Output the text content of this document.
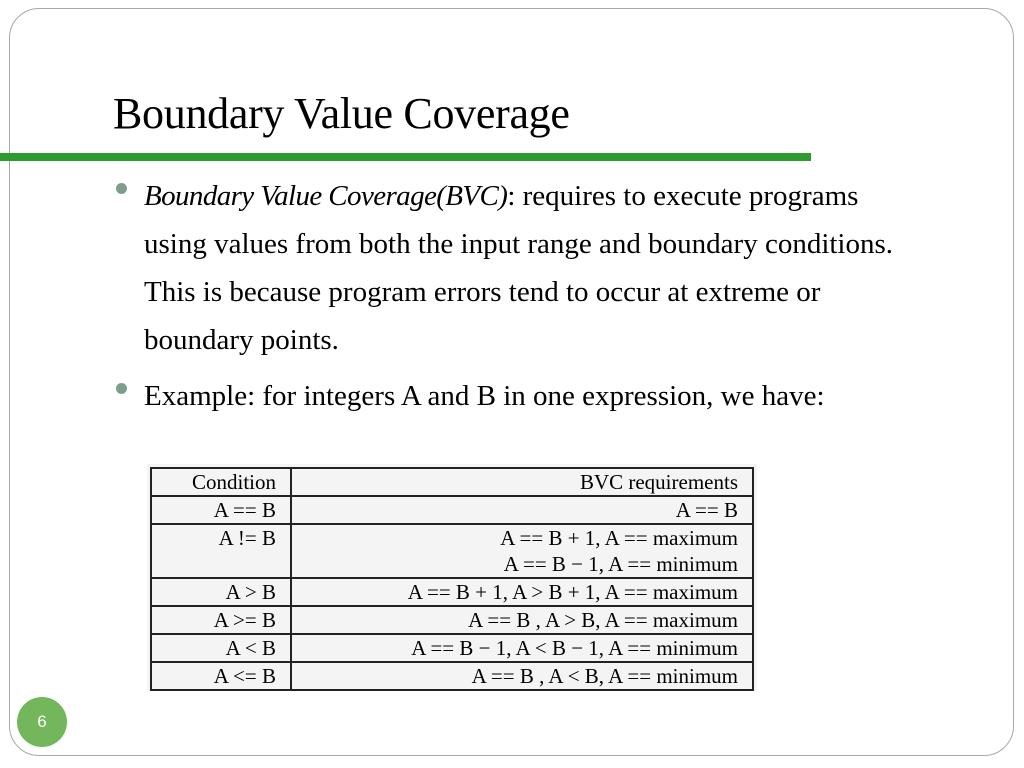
Boundary Value Coverage
Boundary Value Coverage(BVC): requires to execute programs using values from both the input range and boundary conditions. This is because program errors tend to occur at extreme or boundary points.
Example: for integers A and B in one expression, we have:
Condition	BVC requirements
A == B	A == B

A != B	A == B + 1, A == maximum
A == B − 1, A == minimum

A > B	A == B + 1, A > B + 1, A == maximum

A >= B	A == B , A > B, A == maximum

A < B	A == B − 1, A < B − 1, A == minimum

A <= B	A == B , A < B, A == minimum
6
